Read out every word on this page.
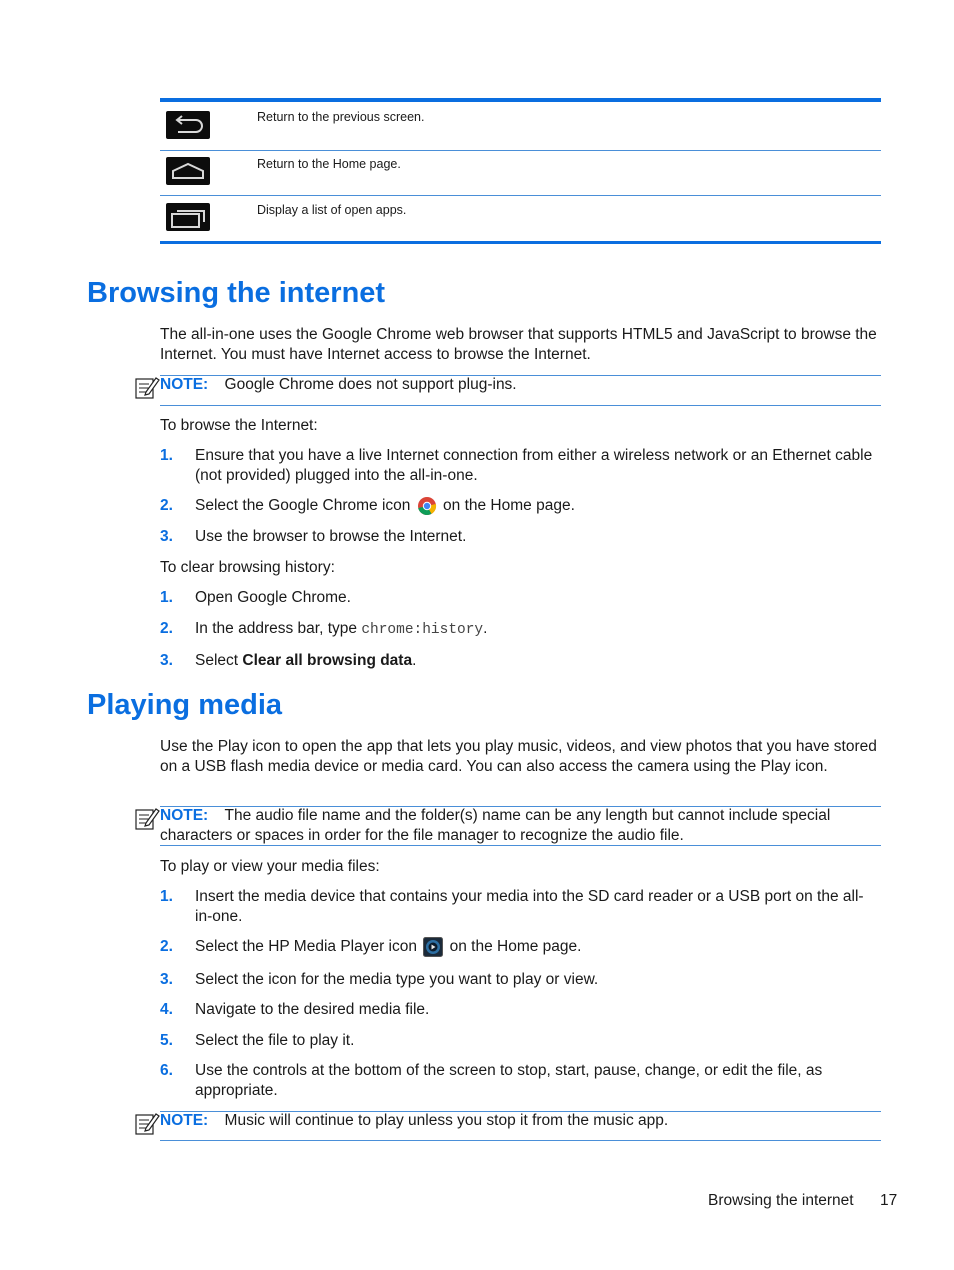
Return to the previous screen.
Return to the Home page.
Display a list of open apps.
Browsing the internet

The all-in-one uses the Google Chrome web browser that supports HTML5 and JavaScript to browse the Internet. You must have Internet access to browse the Internet.

NOTE: Google Chrome does not support plug-ins.

To browse the Internet:

1. Ensure that you have a live Internet connection from either a wireless network or an Ethernet cable (not provided) plugged into the all-in-one.
2. Select the Google Chrome icon on the Home page.
3. Use the browser to browse the Internet.

To clear browsing history:

1. Open Google Chrome.
2. In the address bar, type chrome:history.
3. Select Clear all browsing data.
Playing media

Use the Play icon to open the app that lets you play music, videos, and view photos that you have stored on a USB flash media device or media card. You can also access the camera using the Play icon.

NOTE: The audio file name and the folder(s) name can be any length but cannot include special characters or spaces in order for the file manager to recognize the audio file.

To play or view your media files:

1. Insert the media device that contains your media into the SD card reader or a USB port on the all-in-one.
2. Select the HP Media Player icon on the Home page.
3. Select the icon for the media type you want to play or view.
4. Navigate to the desired media file.
5. Select the file to play it.
6. Use the controls at the bottom of the screen to stop, start, pause, change, or edit the file, as appropriate.
NOTE: Music will continue to play unless you stop it from the music app.
Browsing the internet 17
